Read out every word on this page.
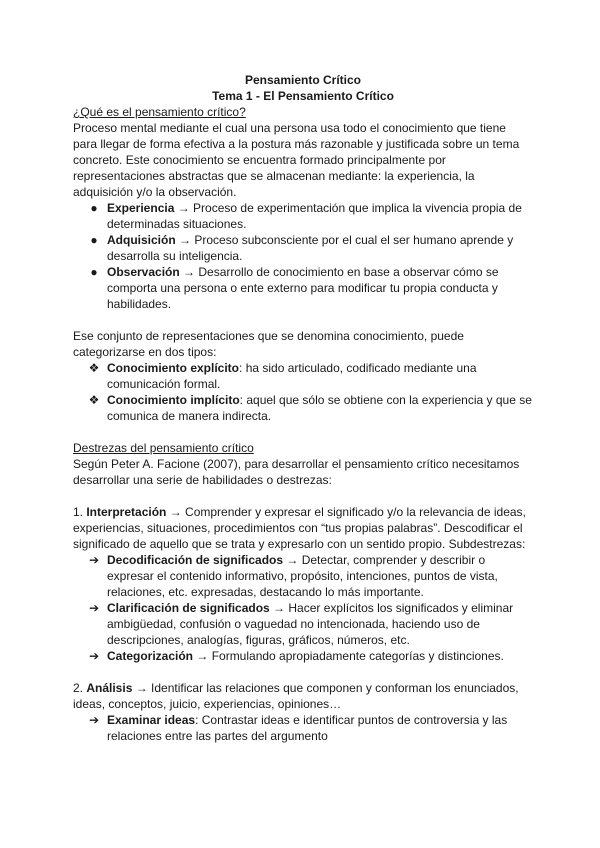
Pensamiento Crítico

Tema 1 - El Pensamiento Crítico

¿Qué es el pensamiento crítico?

Proceso mental mediante el cual una persona usa todo el conocimiento que tiene para llegar de forma efectiva a la postura más razonable y justificada sobre un tema concreto. Este conocimiento se encuentra formado principalmente por representaciones abstractas que se almacenan mediante: la experiencia, la adquisición y/o la observación.

● Experiencia → Proceso de experimentación que implica la vivencia propia de determinadas situaciones.
● Adquisición → Proceso subconsciente por el cual el ser humano aprende y desarrolla su inteligencia.
● Observación → Desarrollo de conocimiento en base a observar cómo se comporta una persona o ente externo para modificar tu propia conducta y habilidades.

Ese conjunto de representaciones que se denomina conocimiento, puede categorizarse en dos tipos:

❖ Conocimiento explícito: ha sido articulado, codificado mediante una comunicación formal.
❖ Conocimiento implícito: aquel que sólo se obtiene con la experiencia y que se comunica de manera indirecta.

Destrezas del pensamiento crítico

Según Peter A. Facione (2007), para desarrollar el pensamiento crítico necesitamos desarrollar una serie de habilidades o destrezas:

1. Interpretación → Comprender y expresar el significado y/o la relevancia de ideas, experiencias, situaciones, procedimientos con “tus propias palabras”. Descodificar el significado de aquello que se trata y expresarlo con un sentido propio. Subdestrezas:

➔ Decodificación de significados → Detectar, comprender y describir o expresar el contenido informativo, propósito, intenciones, puntos de vista, relaciones, etc. expresadas, destacando lo más importante.
➔ Clarificación de significados → Hacer explícitos los significados y eliminar ambigüedad, confusión o vaguedad no intencionada, haciendo uso de descripciones, analogías, figuras, gráficos, números, etc.
➔ Categorización → Formulando apropiadamente categorías y distinciones.

2. Análisis → Identificar las relaciones que componen y conforman los enunciados, ideas, conceptos, juicio, experiencias, opiniones…

➔ Examinar ideas: Contrastar ideas e identificar puntos de controversia y las relaciones entre las partes del argumento
